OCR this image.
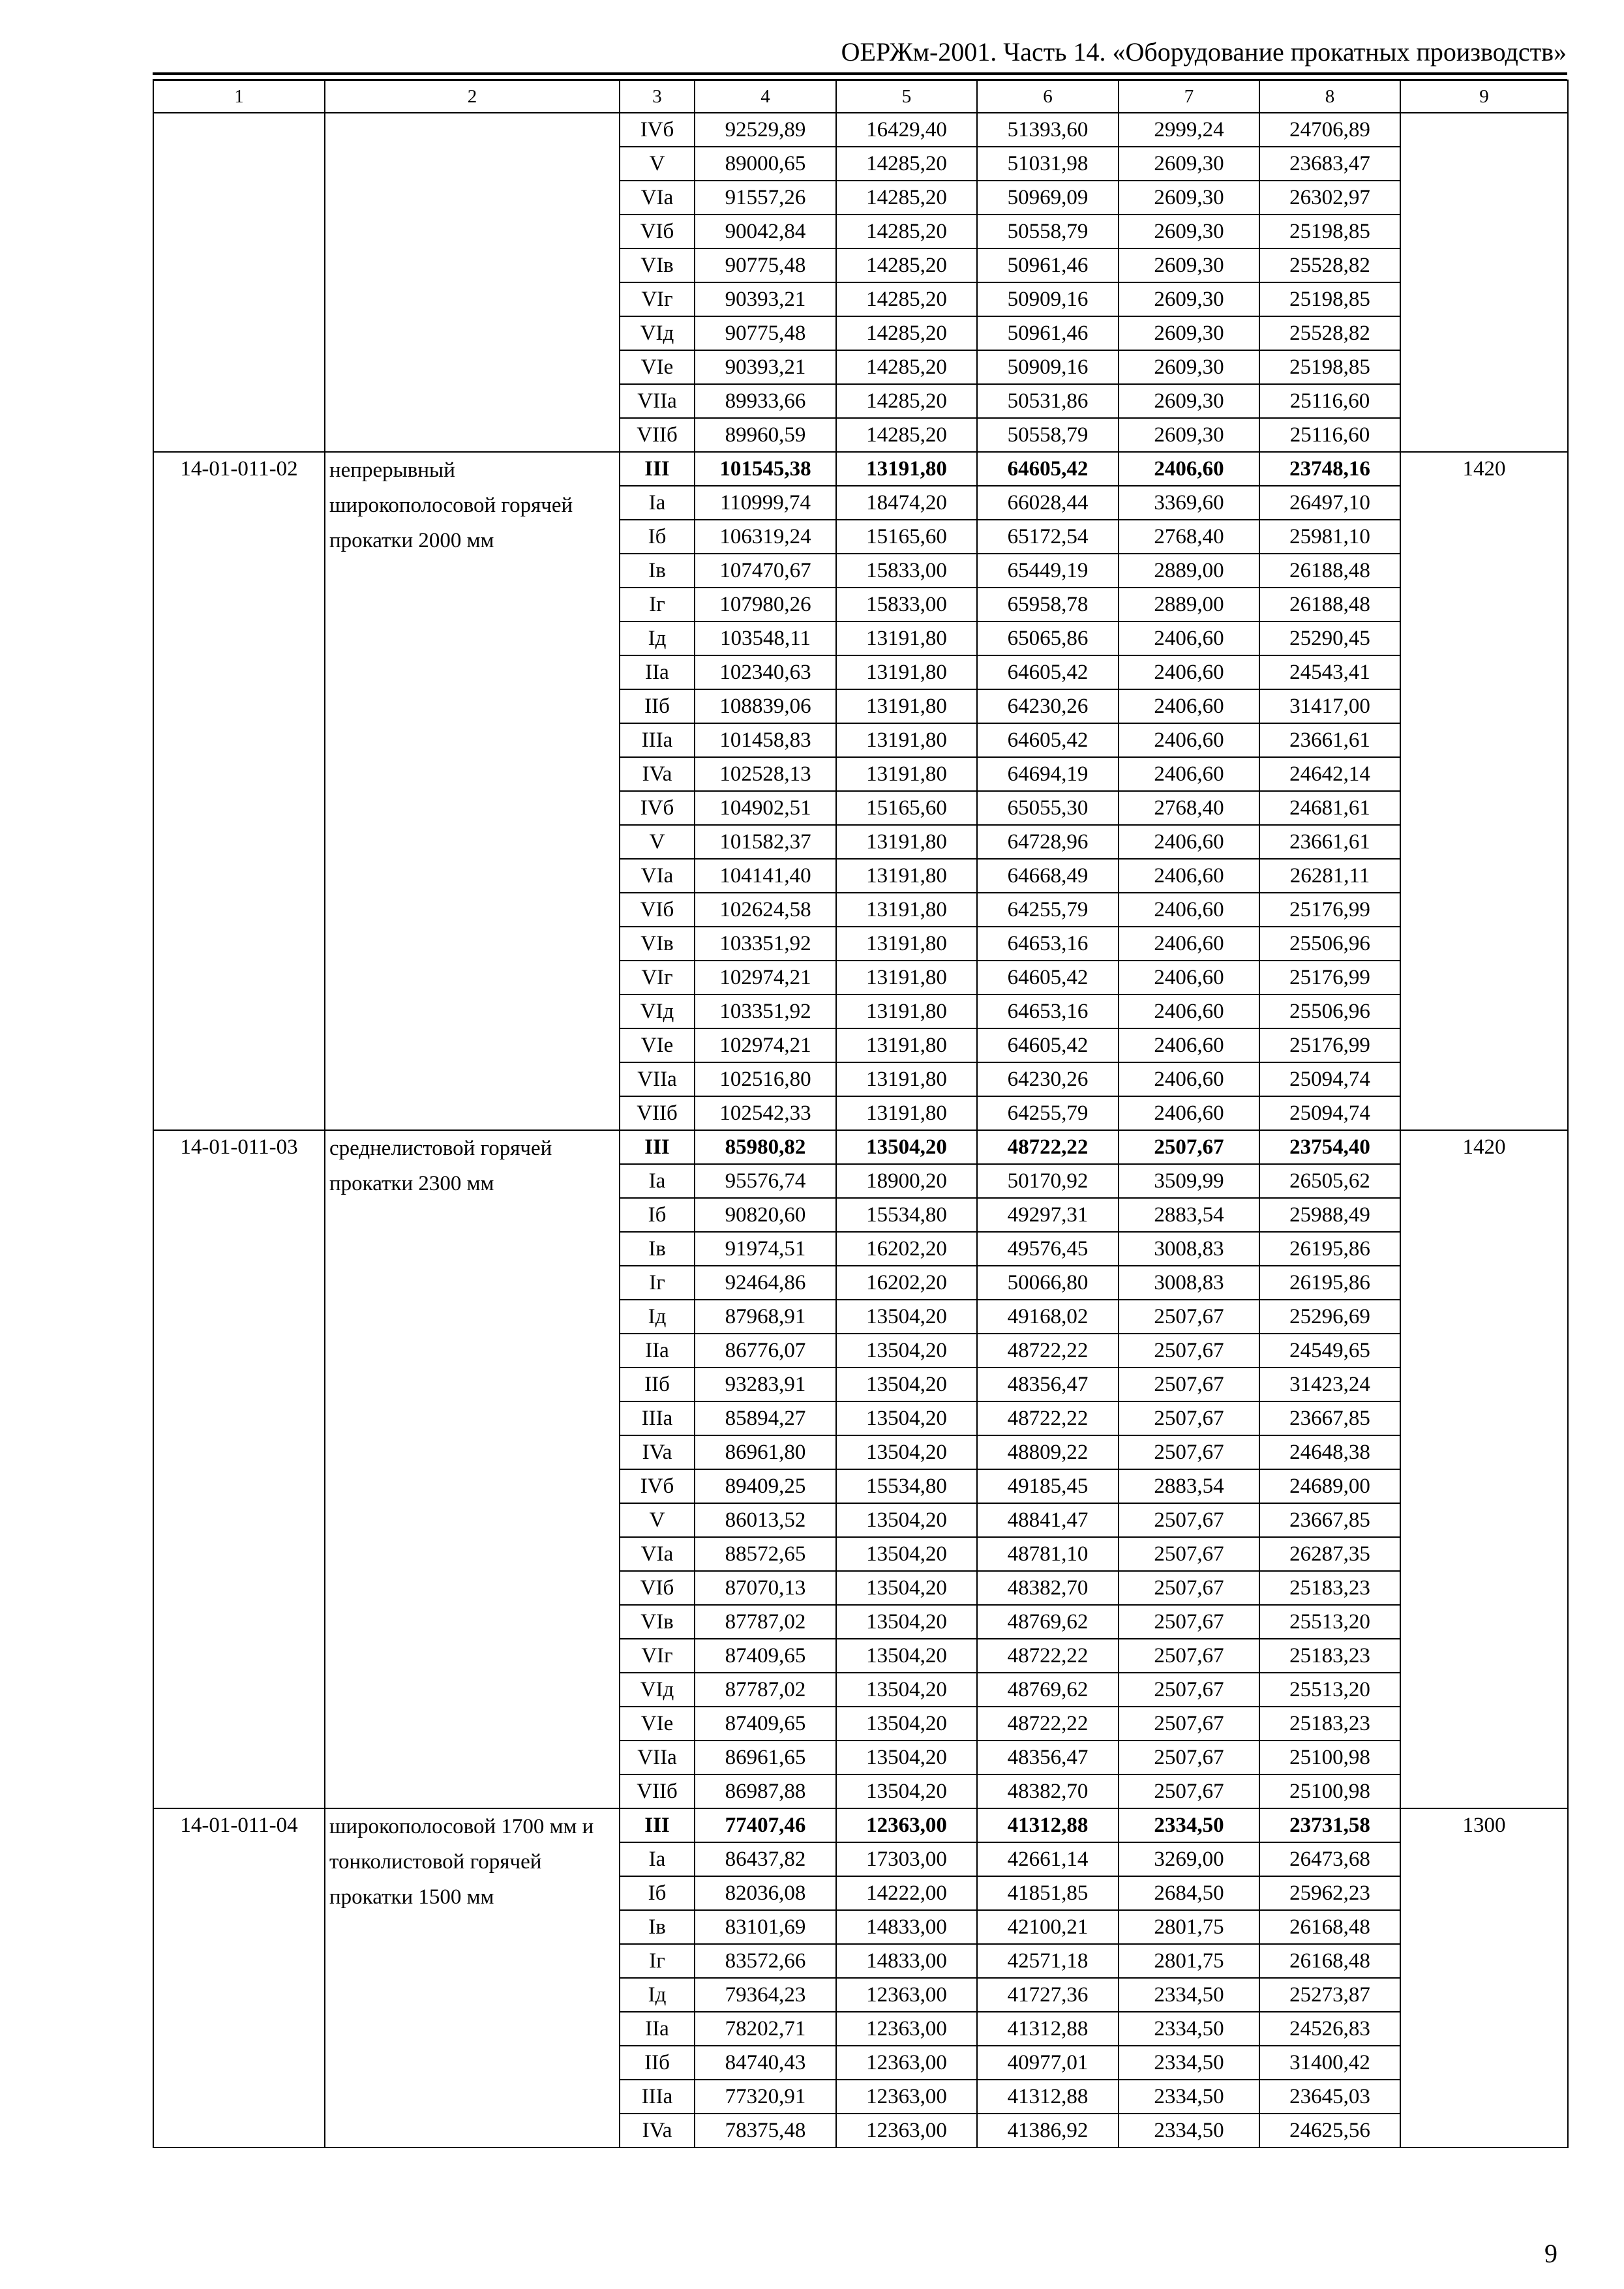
ОЕРЖм-2001. Часть 14. «Оборудование прокатных производств»
1	2	3	4	5	6	7	8	9
		IVб	92529,89	16429,40	51393,60	2999,24	24706,89	
		V	89000,65	14285,20	51031,98	2609,30	23683,47	
		VIa	91557,26	14285,20	50969,09	2609,30	26302,97	
		VIб	90042,84	14285,20	50558,79	2609,30	25198,85	
		VIв	90775,48	14285,20	50961,46	2609,30	25528,82	
		VIг	90393,21	14285,20	50909,16	2609,30	25198,85	
		VIд	90775,48	14285,20	50961,46	2609,30	25528,82	
		VIe	90393,21	14285,20	50909,16	2609,30	25198,85	
		VIIa	89933,66	14285,20	50531,86	2609,30	25116,60	
		VIIб	89960,59	14285,20	50558,79	2609,30	25116,60	
14-01-011-02	непрерывный широкополосовой горячей прокатки 2000 мм	III	101545,38	13191,80	64605,42	2406,60	23748,16	1420
		Ia	110999,74	18474,20	66028,44	3369,60	26497,10	
		Iб	106319,24	15165,60	65172,54	2768,40	25981,10	
		Iв	107470,67	15833,00	65449,19	2889,00	26188,48	
		Iг	107980,26	15833,00	65958,78	2889,00	26188,48	
		Iд	103548,11	13191,80	65065,86	2406,60	25290,45	
		IIa	102340,63	13191,80	64605,42	2406,60	24543,41	
		IIб	108839,06	13191,80	64230,26	2406,60	31417,00	
		IIIa	101458,83	13191,80	64605,42	2406,60	23661,61	
		IVa	102528,13	13191,80	64694,19	2406,60	24642,14	
		IVб	104902,51	15165,60	65055,30	2768,40	24681,61	
		V	101582,37	13191,80	64728,96	2406,60	23661,61	
		VIa	104141,40	13191,80	64668,49	2406,60	26281,11	
		VIб	102624,58	13191,80	64255,79	2406,60	25176,99	
		VIв	103351,92	13191,80	64653,16	2406,60	25506,96	
		VIг	102974,21	13191,80	64605,42	2406,60	25176,99	
		VIд	103351,92	13191,80	64653,16	2406,60	25506,96	
		VIe	102974,21	13191,80	64605,42	2406,60	25176,99	
		VIIa	102516,80	13191,80	64230,26	2406,60	25094,74	
		VIIб	102542,33	13191,80	64255,79	2406,60	25094,74	
14-01-011-03	среднелистовой горячей прокатки 2300 мм	III	85980,82	13504,20	48722,22	2507,67	23754,40	1420
		Ia	95576,74	18900,20	50170,92	3509,99	26505,62	
		Iб	90820,60	15534,80	49297,31	2883,54	25988,49	
		Iв	91974,51	16202,20	49576,45	3008,83	26195,86	
		Iг	92464,86	16202,20	50066,80	3008,83	26195,86	
		Iд	87968,91	13504,20	49168,02	2507,67	25296,69	
		IIa	86776,07	13504,20	48722,22	2507,67	24549,65	
		IIб	93283,91	13504,20	48356,47	2507,67	31423,24	
		IIIa	85894,27	13504,20	48722,22	2507,67	23667,85	
		IVa	86961,80	13504,20	48809,22	2507,67	24648,38	
		IVб	89409,25	15534,80	49185,45	2883,54	24689,00	
		V	86013,52	13504,20	48841,47	2507,67	23667,85	
		VIa	88572,65	13504,20	48781,10	2507,67	26287,35	
		VIб	87070,13	13504,20	48382,70	2507,67	25183,23	
		VIв	87787,02	13504,20	48769,62	2507,67	25513,20	
		VIг	87409,65	13504,20	48722,22	2507,67	25183,23	
		VIд	87787,02	13504,20	48769,62	2507,67	25513,20	
		VIe	87409,65	13504,20	48722,22	2507,67	25183,23	
		VIIa	86961,65	13504,20	48356,47	2507,67	25100,98	
		VIIб	86987,88	13504,20	48382,70	2507,67	25100,98	
14-01-011-04	широкополосовой 1700 мм и тонколистовой горячей прокатки 1500 мм	III	77407,46	12363,00	41312,88	2334,50	23731,58	1300
		Ia	86437,82	17303,00	42661,14	3269,00	26473,68	
		Iб	82036,08	14222,00	41851,85	2684,50	25962,23	
		Iв	83101,69	14833,00	42100,21	2801,75	26168,48	
		Iг	83572,66	14833,00	42571,18	2801,75	26168,48	
		Iд	79364,23	12363,00	41727,36	2334,50	25273,87	
		IIa	78202,71	12363,00	41312,88	2334,50	24526,83	
		IIб	84740,43	12363,00	40977,01	2334,50	31400,42	
		IIIa	77320,91	12363,00	41312,88	2334,50	23645,03	
		IVa	78375,48	12363,00	41386,92	2334,50	24625,56	
9
